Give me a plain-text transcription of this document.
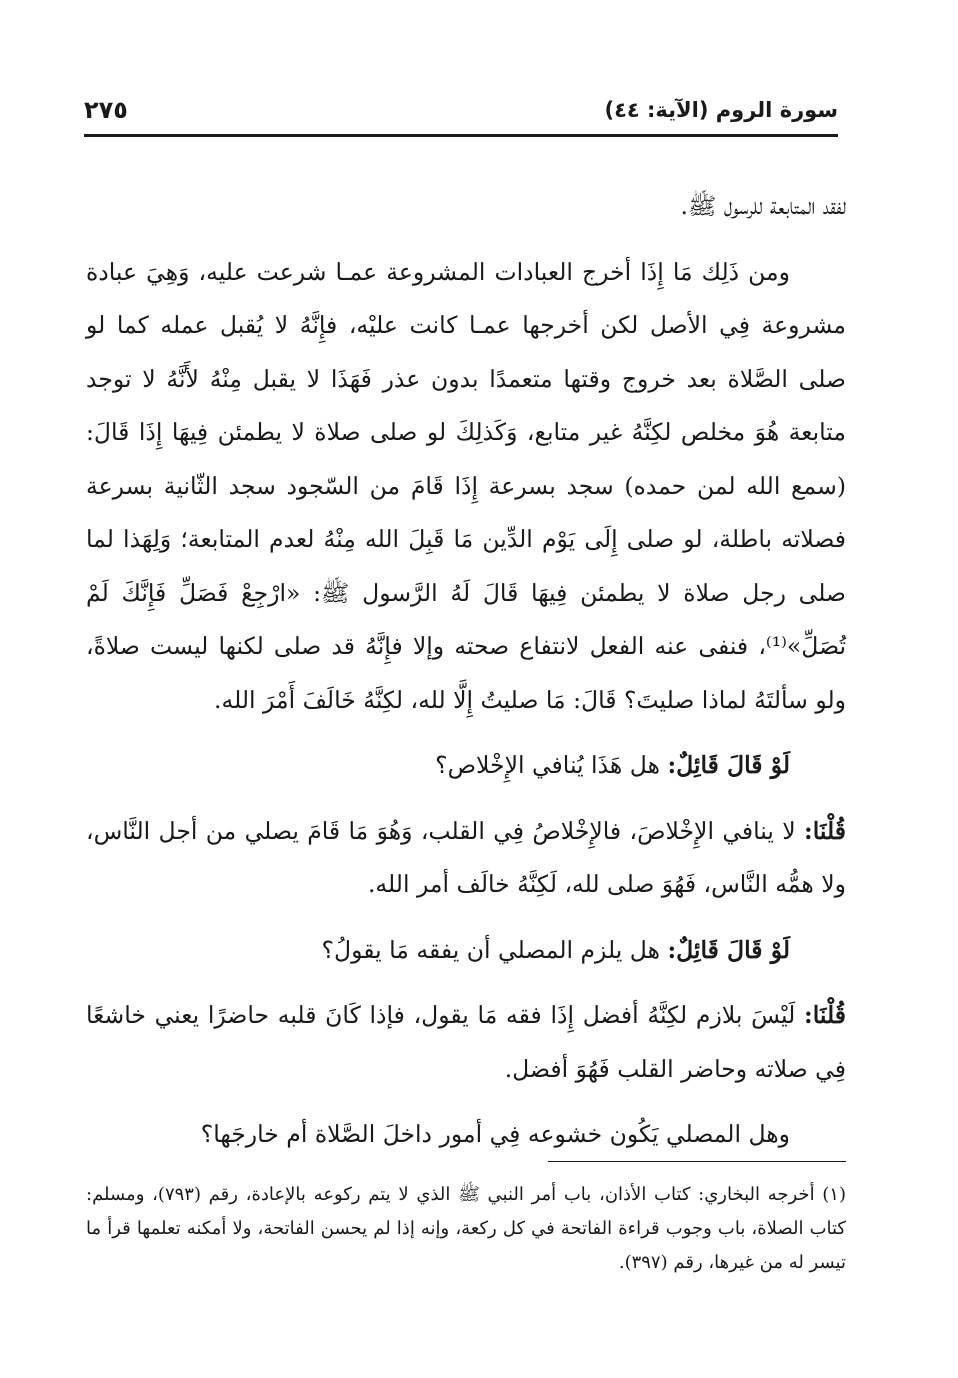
سورة الروم (الآية: ٤٤)
٢٧٥

لفقد المتابعة للرسول ﷺ.

ومن ذَلِك مَا إِذَا أخرج العبادات المشروعة عمـا شرعت عليه، وَهِيَ عبادة مشروعة فِي الأصل لكن أخرجها عمـا كانت عليْه، فإِنَّهُ لا يُقبل عمله كما لو صلى الصَّلاة بعد خروج وقتها متعمدًا بدون عذر فَهَذَا لا يقبل مِنْهُ لأَنَّهُ لا توجد متابعة هُوَ مخلص لكِنَّهُ غير متابع، وَكَذلِكَ لو صلى صلاة لا يطمئن فِيهَا إِذَا قَالَ: (سمع الله لمن حمده) سجد بسرعة إِذَا قَامَ من السّجود سجد الثّانية بسرعة فصلاته باطلة، لو صلى إِلَى يَوْم الدِّين مَا قَبِلَ الله مِنْهُ لعدم المتابعة؛ وَلِهَذا لما صلى رجل صلاة لا يطمئن فِيهَا قَالَ لَهُ الرَّسول ﷺ: «ارْجِعْ فَصَلِّ فَإِنَّكَ لَمْ تُصَلِّ»⁽¹⁾، فنفى عنه الفعل لانتفاع صحته وإلا فإِنَّهُ قد صلى لكنها ليست صلاةً، ولو سألتَهُ لماذا صليتَ؟ قَالَ: مَا صليتُ إِلَّا لله، لكِنَّهُ خَالَفَ أَمْرَ الله.

لَوْ قَالَ قَائِلٌ: هل هَذَا يُنافي الإِخْلاص؟

قُلْنَا: لا ينافي الإِخْلاصَ، فالإِخْلاصُ فِي القلب، وَهُوَ مَا قَامَ يصلي من أجل النَّاس، ولا همُّه النَّاس، فَهُوَ صلى لله، لَكِنَّهُ خالَف أمر الله.

لَوْ قَالَ قَائِلٌ: هل يلزم المصلي أن يفقه مَا يقولُ؟

قُلْنَا: لَيْسَ بلازم لكِنَّهُ أفضل إِذَا فقه مَا يقول، فإذا كَانَ قلبه حاضرًا يعني خاشعًا فِي صلاته وحاضر القلب فَهُوَ أفضل.

وهل المصلي يَكُون خشوعه فِي أمور داخلَ الصَّلاة أم خارجَها؟

(١) أخرجه البخاري: كتاب الأذان، باب أمر النبي ﷺ الذي لا يتم ركوعه بالإعادة، رقم (٧٩٣)، ومسلم: كتاب الصلاة، باب وجوب قراءة الفاتحة في كل ركعة، وإنه إذا لم يحسن الفاتحة، ولا أمكنه تعلمها قرأ ما تيسر له من غيرها، رقم (٣٩٧).
